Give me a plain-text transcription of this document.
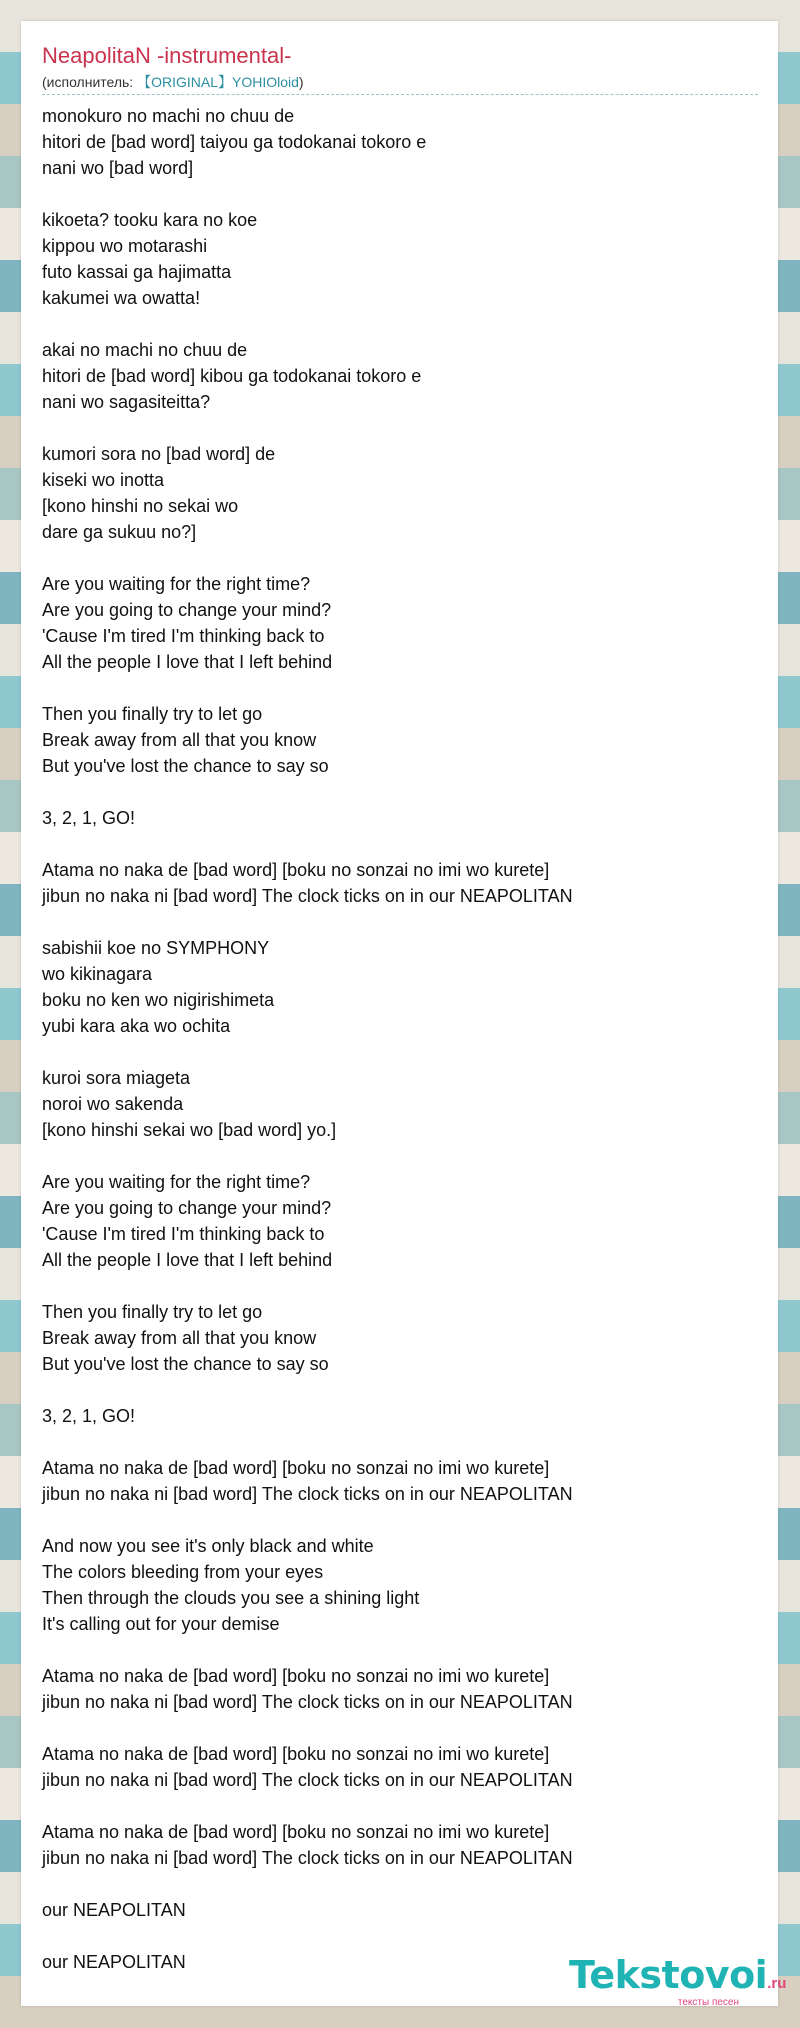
NeapolitaN -instrumental-
(исполнитель: 【ORIGINAL】YOHIOloid)
monokuro no machi no chuu de
hitori de [bad word] taiyou ga todokanai tokoro e
nani wo [bad word]
kikoeta? tooku kara no koe
kippou wo motarashi
futo kassai ga hajimatta
kakumei wa owatta!
akai no machi no chuu de
hitori de [bad word] kibou ga todokanai tokoro e
nani wo sagasiteitta?
kumori sora no [bad word] de
kiseki wo inotta
[kono hinshi no sekai wo
dare ga sukuu no?]
Are you waiting for the right time?
Are you going to change your mind?
'Cause I'm tired I'm thinking back to
All the people I love that I left behind
Then you finally try to let go
Break away from all that you know
But you've lost the chance to say so
3, 2, 1, GO!
Atama no naka de [bad word] [boku no sonzai no imi wo kurete]
jibun no naka ni [bad word] The clock ticks on in our NEAPOLITAN
sabishii koe no SYMPHONY
wo kikinagara
boku no ken wo nigirishimeta
yubi kara aka wo ochita
kuroi sora miageta
noroi wo sakenda
[kono hinshi sekai wo [bad word] yo.]
Are you waiting for the right time?
Are you going to change your mind?
'Cause I'm tired I'm thinking back to
All the people I love that I left behind
Then you finally try to let go
Break away from all that you know
But you've lost the chance to say so
3, 2, 1, GO!
Atama no naka de [bad word] [boku no sonzai no imi wo kurete]
jibun no naka ni [bad word] The clock ticks on in our NEAPOLITAN
And now you see it's only black and white
The colors bleeding from your eyes
Then through the clouds you see a shining light
It's calling out for your demise
Atama no naka de [bad word] [boku no sonzai no imi wo kurete]
jibun no naka ni [bad word] The clock ticks on in our NEAPOLITAN
Atama no naka de [bad word] [boku no sonzai no imi wo kurete]
jibun no naka ni [bad word] The clock ticks on in our NEAPOLITAN
Atama no naka de [bad word] [boku no sonzai no imi wo kurete]
jibun no naka ni [bad word] The clock ticks on in our NEAPOLITAN
our NEAPOLITAN
our NEAPOLITAN	Tekstovoi.ru
тексты песен
